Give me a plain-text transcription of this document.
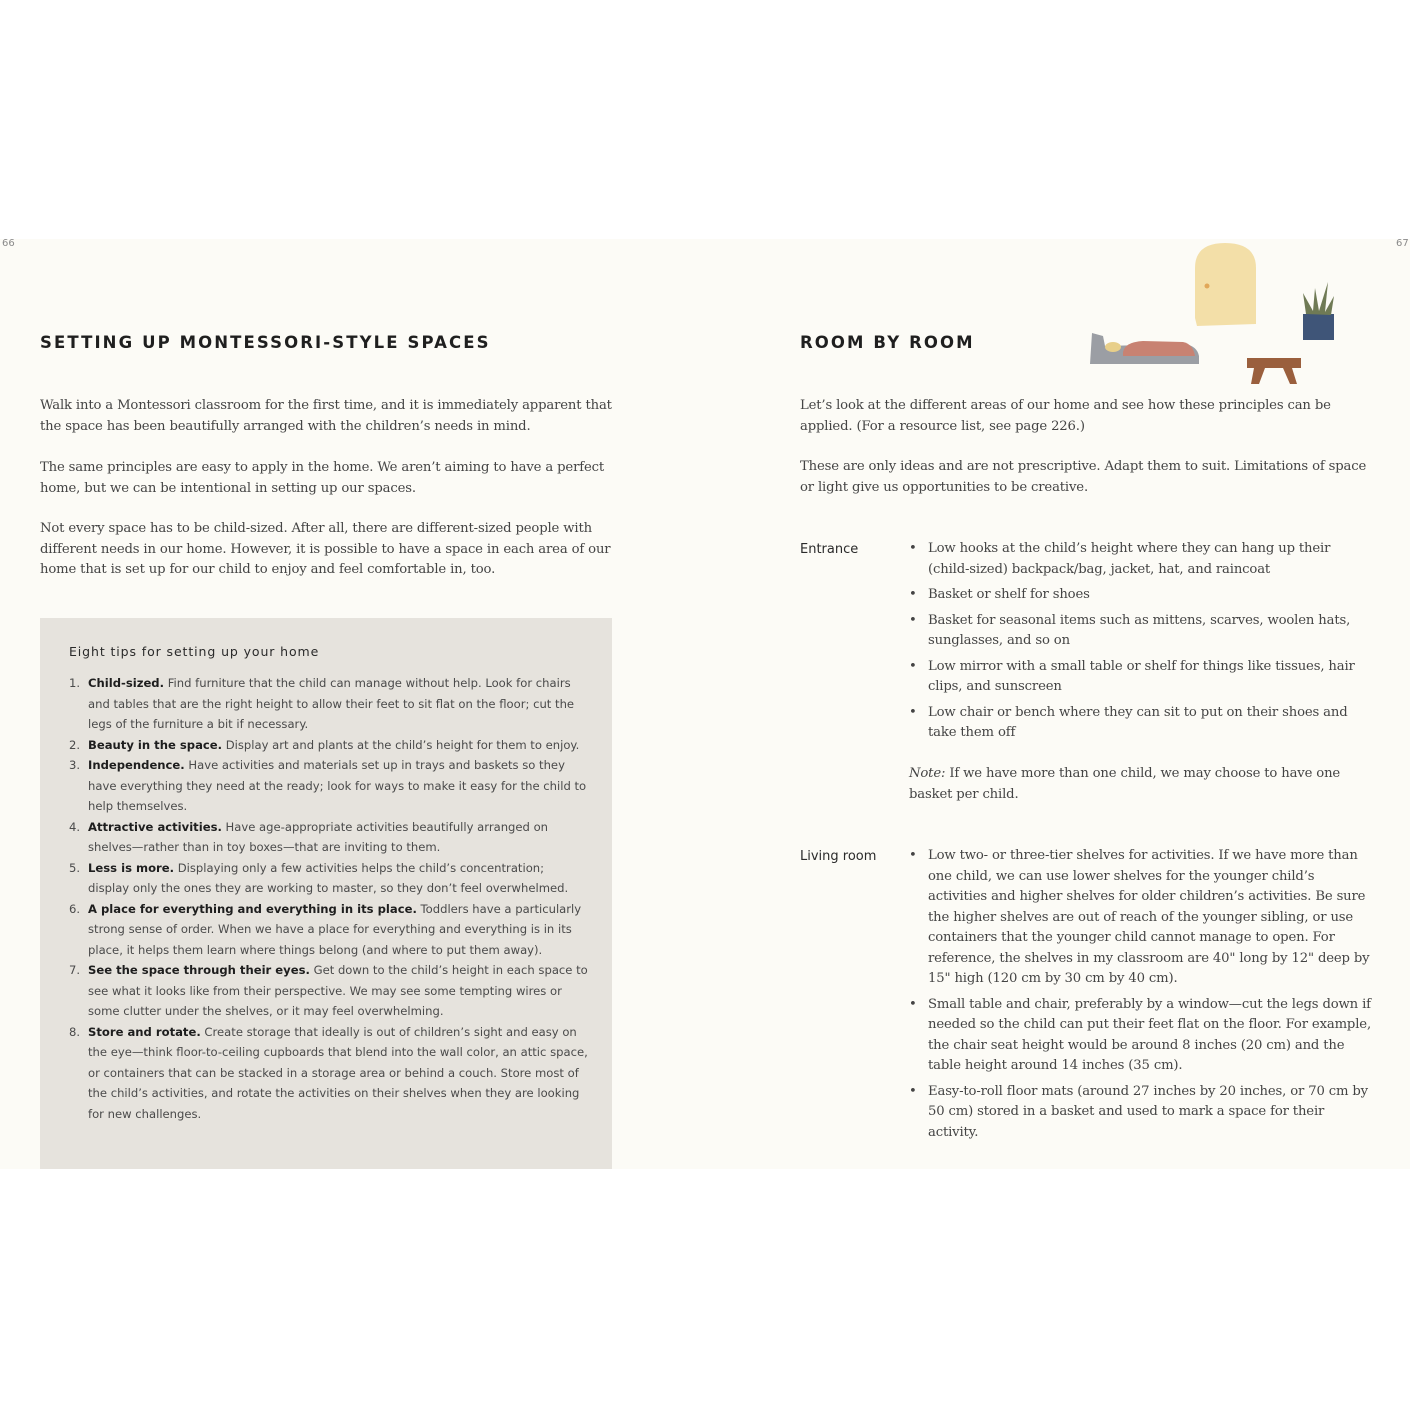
66	67
SETTING UP MONTESSORI-STYLE SPACES

Walk into a Montessori classroom for the first time, and it is immediately apparent that the space has been beautifully arranged with the children’s needs in mind.

The same principles are easy to apply in the home. We aren’t aiming to have a perfect home, but we can be intentional in setting up our spaces.

Not every space has to be child-sized. After all, there are different-sized people with different needs in our home. However, it is possible to have a space in each area of our home that is set up for our child to enjoy and feel comfortable in, too.

Eight tips for setting up your home
1. Child-sized. Find furniture that the child can manage without help. Look for chairs and tables that are the right height to allow their feet to sit flat on the floor; cut the legs of the furniture a bit if necessary.
2. Beauty in the space. Display art and plants at the child’s height for them to enjoy.
3. Independence. Have activities and materials set up in trays and baskets so they have everything they need at the ready; look for ways to make it easy for the child to help themselves.
4. Attractive activities. Have age-appropriate activities beautifully arranged on shelves—rather than in toy boxes—that are inviting to them.
5. Less is more. Displaying only a few activities helps the child’s concentration; display only the ones they are working to master, so they don’t feel overwhelmed.
6. A place for everything and everything in its place. Toddlers have a particularly strong sense of order. When we have a place for everything and everything is in its place, it helps them learn where things belong (and where to put them away).
7. See the space through their eyes. Get down to the child’s height in each space to see what it looks like from their perspective. We may see some tempting wires or some clutter under the shelves, or it may feel overwhelming.
8. Store and rotate. Create storage that ideally is out of children’s sight and easy on the eye—think floor-to-ceiling cupboards that blend into the wall color, an attic space, or containers that can be stacked in a storage area or behind a couch. Store most of the child’s activities, and rotate the activities on their shelves when they are looking for new challenges.
ROOM BY ROOM

Let’s look at the different areas of our home and see how these principles can be applied. (For a resource list, see page 226.)

These are only ideas and are not prescriptive. Adapt them to suit. Limitations of space or light give us opportunities to be creative.

Entrance	• Low hooks at the child’s height where they can hang up their (child-sized) backpack/bag, jacket, hat, and raincoat
• Basket or shelf for shoes
• Basket for seasonal items such as mittens, scarves, woolen hats, sunglasses, and so on
• Low mirror with a small table or shelf for things like tissues, hair clips, and sunscreen
• Low chair or bench where they can sit to put on their shoes and take them off

Note: If we have more than one child, we may choose to have one basket per child.

Living room • Low two- or three-tier shelves for activities. If we have more than one child, we can use lower shelves for the younger child’s activities and higher shelves for older children’s activities. Be sure the higher shelves are out of reach of the younger sibling, or use containers that the younger child cannot manage to open. For reference, the shelves in my classroom are 40" long by 12" deep by 15" high (120 cm by 30 cm by 40 cm).
• Small table and chair, preferably by a window—cut the legs down if needed so the child can put their feet flat on the floor. For example, the chair seat height would be around 8 inches (20 cm) and the table height around 14 inches (35 cm).
• Easy-to-roll floor mats (around 27 inches by 20 inches, or 70 cm by 50 cm) stored in a basket and used to mark a space for their activity.
